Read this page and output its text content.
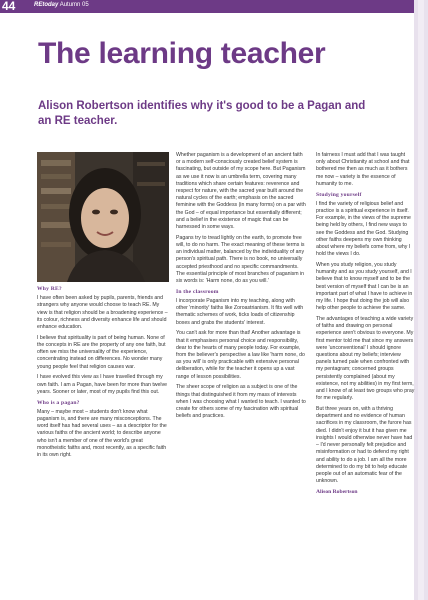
44	REtoday Autumn 05
The learning teacher
Alison Robertson identifies why it's good to be a Pagan and an RE teacher.
Why RE?

I have often been asked by pupils, parents, friends and strangers why anyone would choose to teach RE. My view is that religion should be a broadening experience – its colour, richness and diversity enhance life and should enhance education.

I believe that spirituality is part of being human. None of the concepts in RE are the property of any one faith, but often we miss the universality of the experience, concentrating instead on differences. No wonder many young people feel that religion causes war.

I have evolved this view as I have travelled through my own faith. I am a Pagan, have been for more than twelve years. Sooner or later, most of my pupils find this out.

Who is a pagan?

Many – maybe most – students don't know what paganism is, and there are many misconceptions. The word itself has had several uses – as a descriptor for the various faiths of the ancient world; to describe anyone who isn't a member of one of the world's great monotheistic faiths and, most recently, as a specific faith in its own right.

Whether paganism is a development of an ancient faith or a modern self-consciously created belief system is fascinating, but outside of my scope here. But Paganism as we use it now is an umbrella term, covering many traditions which share certain features: reverence and respect for nature, with the sacred year built around the natural cycles of the earth; emphasis on the sacred feminine with the Goddess (in many forms) on a par with the God – of equal importance but essentially different; and a belief in the existence of magic that can be harnessed in some ways.

Pagans try to tread lightly on the earth, to promote free will, to do no harm. The exact meaning of these terms is an individual matter, balanced by the individuality of any person's spiritual path. There is no book, no universally accepted priesthood and no specific commandments. The essential principle of most branches of paganism in six words is: 'Harm none, do as you will.'

In the classroom

I incorporate Paganism into my teaching, along with other 'minority' faiths like Zoroastrianism. It fits well with thematic schemes of work, ticks loads of citizenship boxes and grabs the students' interest.

You can't ask for more than that! Another advantage is that it emphasises personal choice and responsibility, dear to the hearts of many people today. For example, from the believer's perspective a law like 'harm none, do as you will' is only practicable with extensive personal deliberation, while for the teacher it opens up a vast range of lesson possibilities.

The sheer scope of religion as a subject is one of the things that distinguished it from my mass of interests when I was choosing what I wanted to teach. I wanted to create for others some of my fascination with spiritual beliefs and practices.

In fairness I must add that I was taught only about Christianity at school and that bothered me then as much as it bothers me now – variety is the essence of humanity to me.

Studying yourself

I find the variety of religious belief and practice is a spiritual experience in itself. For example, in the views of the supreme being held by others, I find new ways to see the Goddess and the God. Studying other faiths deepens my own thinking about where my beliefs come from, why I hold the views I do.

When you study religion, you study humanity and as you study yourself, and I believe that to know myself and to be the best version of myself that I can be is an important part of what I have to achieve in my life. I hope that doing the job will also help other people to achieve the same.

The advantages of teaching a wide variety of faiths and drawing on personal experience aren't obvious to everyone. My first mentor told me that since my answers were 'unconventional' I should ignore questions about my beliefs; interview panels turned pale when confronted with my pentagram; concerned groups persistently complained (about my existence, not my abilities) in my first term, and I know of at least two groups who pray for me regularly.

But three years on, with a thriving department and no evidence of human sacrifices in my classroom, the furore has died. I didn't enjoy it but it has given me insights I would otherwise never have had – I'd never personally felt prejudice and misinformation or had to defend my right and ability to do a job. I am all the more determined to do my bit to help educate people out of an automatic fear of the unknown.

Alison Robertson
